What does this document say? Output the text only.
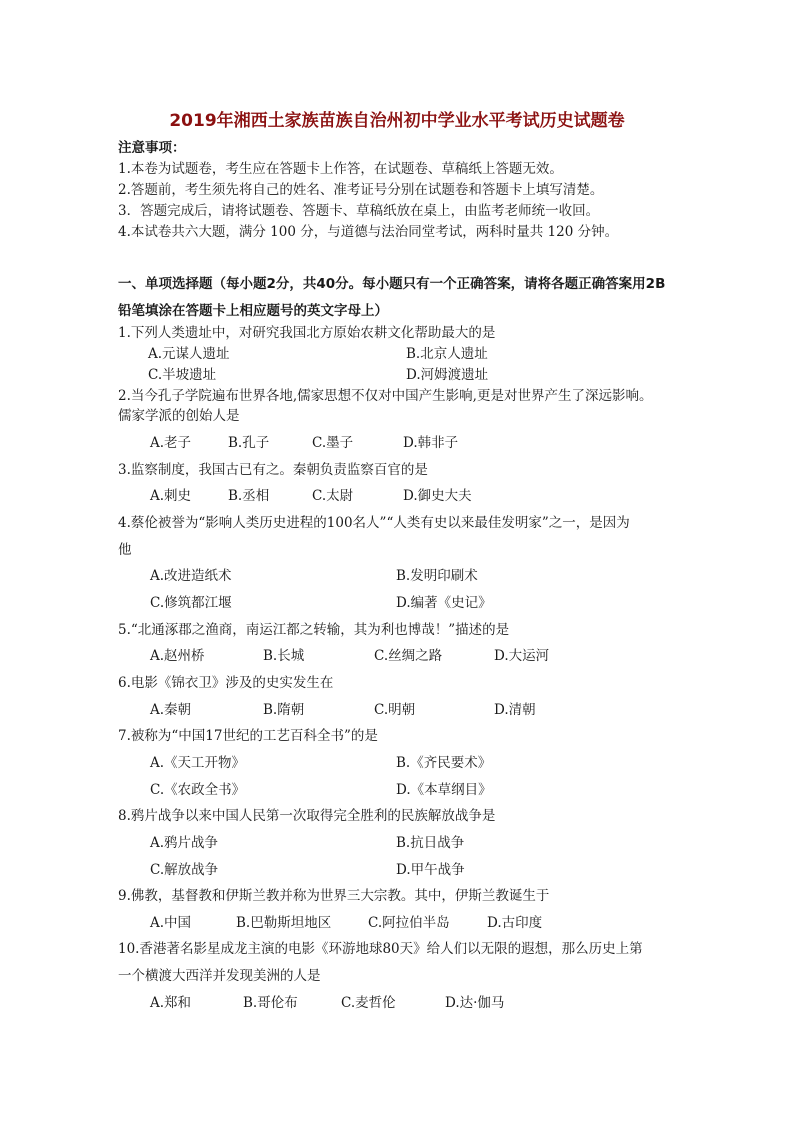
2019年湘西土家族苗族自治州初中学业水平考试历史试题卷
注意事项：
1.本卷为试题卷，考生应在答题卡上作答，在试题卷、草稿纸上答题无效。
2.答题前，考生须先将自己的姓名、准考证号分别在试题卷和答题卡上填写清楚。
3．答题完成后，请将试题卷、答题卡、草稿纸放在桌上，由监考老师统一收回。
4.本试卷共六大题，满分 100 分，与道德与法治同堂考试，两科时量共 120 分钟。
一、单项选择题（每小题2分，共40分。每小题只有一个正确答案，请将各题正确答案用2B
铅笔填涂在答题卡上相应题号的英文字母上）
1.下列人类遗址中，对研究我国北方原始农耕文化帮助最大的是
A.元谋人遗址	B.北京人遗址
C.半坡遗址	D.河姆渡遗址
2.当今孔子学院遍布世界各地,儒家思想不仅对中国产生影响,更是对世界产生了深远影响。
儒家学派的创始人是
A.老子	B.孔子	C.墨子	D.韩非子
3.监察制度，我国古已有之。秦朝负责监察百官的是
A.刺史	B.丞相	C.太尉	D.御史大夫
4.蔡伦被誉为“影响人类历史进程的100名人”“人类有史以来最佳发明家”之一，是因为
他
A.改进造纸术	B.发明印刷术
C.修筑都江堰	D.编著《史记》
5.“北通涿郡之渔商，南运江都之转输，其为利也博哉！”描述的是
A.赵州桥	B.长城	C.丝绸之路	D.大运河
6.电影《锦衣卫》涉及的史实发生在
A.秦朝	B.隋朝	C.明朝	D.清朝
7.被称为“中国17世纪的工艺百科全书”的是
A.《天工开物》	B.《齐民要术》
C.《农政全书》	D.《本草纲目》
8.鸦片战争以来中国人民第一次取得完全胜利的民族解放战争是
A.鸦片战争	B.抗日战争
C.解放战争	D.甲午战争
9.佛教，基督教和伊斯兰教并称为世界三大宗教。其中，伊斯兰教诞生于
A.中国	B.巴勒斯坦地区	C.阿拉伯半岛	D.古印度
10.香港著名影星成龙主演的电影《环游地球80天》给人们以无限的遐想，那么历史上第
一个横渡大西洋并发现美洲的人是
A.郑和	B.哥伦布	C.麦哲伦	D.达·伽马
